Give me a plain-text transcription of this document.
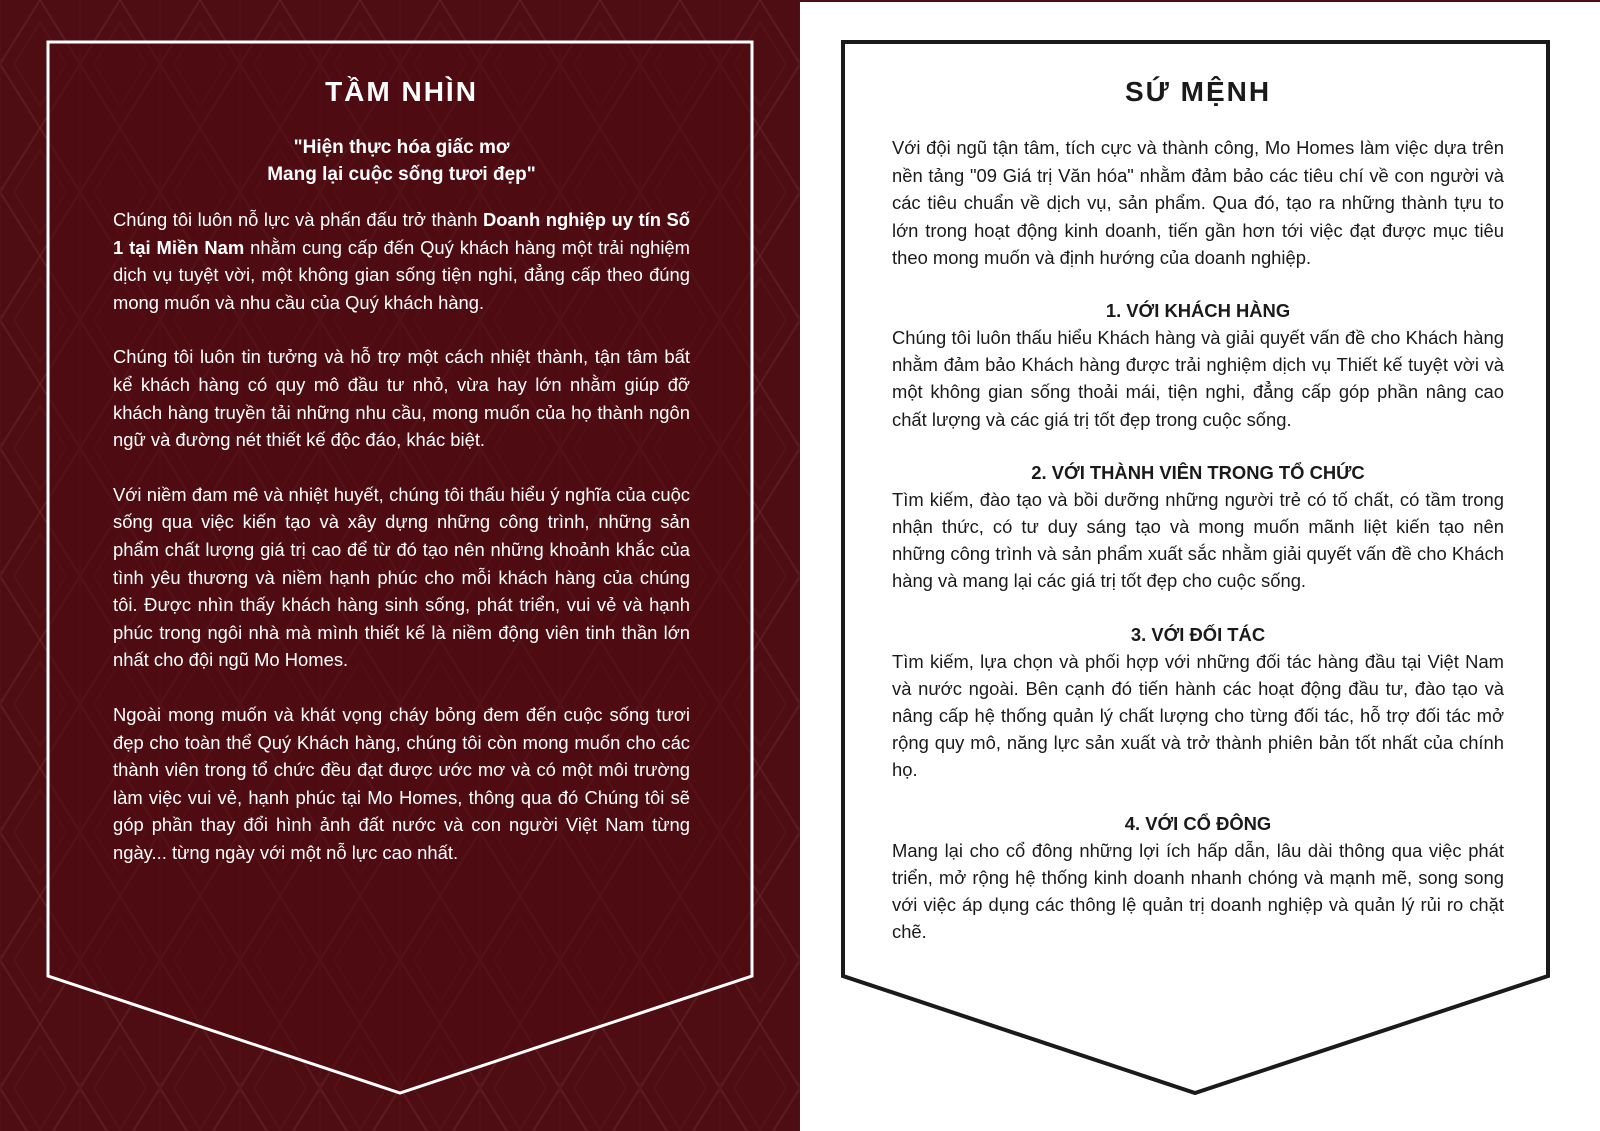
TẦM NHÌN
"Hiện thực hóa giấc mơ
Mang lại cuộc sống tươi đẹp"

Chúng tôi luôn nỗ lực và phấn đấu trở thành Doanh nghiệp uy tín Số 1 tại Miền Nam nhằm cung cấp đến Quý khách hàng một trải nghiệm dịch vụ tuyệt vời, một không gian sống tiện nghi, đẳng cấp theo đúng mong muốn và nhu cầu của Quý khách hàng.

Chúng tôi luôn tin tưởng và hỗ trợ một cách nhiệt thành, tận tâm bất kể khách hàng có quy mô đầu tư nhỏ, vừa hay lớn nhằm giúp đỡ khách hàng truyền tải những nhu cầu, mong muốn của họ thành ngôn ngữ và đường nét thiết kế độc đáo, khác biệt.

Với niềm đam mê và nhiệt huyết, chúng tôi thấu hiểu ý nghĩa của cuộc sống qua việc kiến tạo và xây dựng những công trình, những sản phẩm chất lượng giá trị cao để từ đó tạo nên những khoảnh khắc của tình yêu thương và niềm hạnh phúc cho mỗi khách hàng của chúng tôi. Được nhìn thấy khách hàng sinh sống, phát triển, vui vẻ và hạnh phúc trong ngôi nhà mà mình thiết kế là niềm động viên tinh thần lớn nhất cho đội ngũ Mo Homes.

Ngoài mong muốn và khát vọng cháy bỏng đem đến cuộc sống tươi đẹp cho toàn thể Quý Khách hàng, chúng tôi còn mong muốn cho các thành viên trong tổ chức đều đạt được ước mơ và có một môi trường làm việc vui vẻ, hạnh phúc tại Mo Homes, thông qua đó Chúng tôi sẽ góp phần thay đổi hình ảnh đất nước và con người Việt Nam từng ngày... từng ngày với một nỗ lực cao nhất.

SỨ MỆNH

Với đội ngũ tận tâm, tích cực và thành công, Mo Homes làm việc dựa trên nền tảng "09 Giá trị Văn hóa" nhằm đảm bảo các tiêu chí về con người và các tiêu chuẩn về dịch vụ, sản phẩm. Qua đó, tạo ra những thành tựu to lớn trong hoạt động kinh doanh, tiến gần hơn tới việc đạt được mục tiêu theo mong muốn và định hướng của doanh nghiệp.

1. VỚI KHÁCH HÀNG

Chúng tôi luôn thấu hiểu Khách hàng và giải quyết vấn đề cho Khách hàng nhằm đảm bảo Khách hàng được trải nghiệm dịch vụ Thiết kế tuyệt vời và một không gian sống thoải mái, tiện nghi, đẳng cấp góp phần nâng cao chất lượng và các giá trị tốt đẹp trong cuộc sống.

2. VỚI THÀNH VIÊN TRONG TỔ CHỨC

Tìm kiếm, đào tạo và bồi dưỡng những người trẻ có tố chất, có tầm trong nhận thức, có tư duy sáng tạo và mong muốn mãnh liệt kiến tạo nên những công trình và sản phẩm xuất sắc nhằm giải quyết vấn đề cho Khách hàng và mang lại các giá trị tốt đẹp cho cuộc sống.

3. VỚI ĐỐI TÁC

Tìm kiếm, lựa chọn và phối hợp với những đối tác hàng đầu tại Việt Nam và nước ngoài. Bên cạnh đó tiến hành các hoạt động đầu tư, đào tạo và nâng cấp hệ thống quản lý chất lượng cho từng đối tác, hỗ trợ đối tác mở rộng quy mô, năng lực sản xuất và trở thành phiên bản tốt nhất của chính họ.

4. VỚI CỔ ĐÔNG

Mang lại cho cổ đông những lợi ích hấp dẫn, lâu dài thông qua việc phát triển, mở rộng hệ thống kinh doanh nhanh chóng và mạnh mẽ, song song với việc áp dụng các thông lệ quản trị doanh nghiệp và quản lý rủi ro chặt chẽ.
